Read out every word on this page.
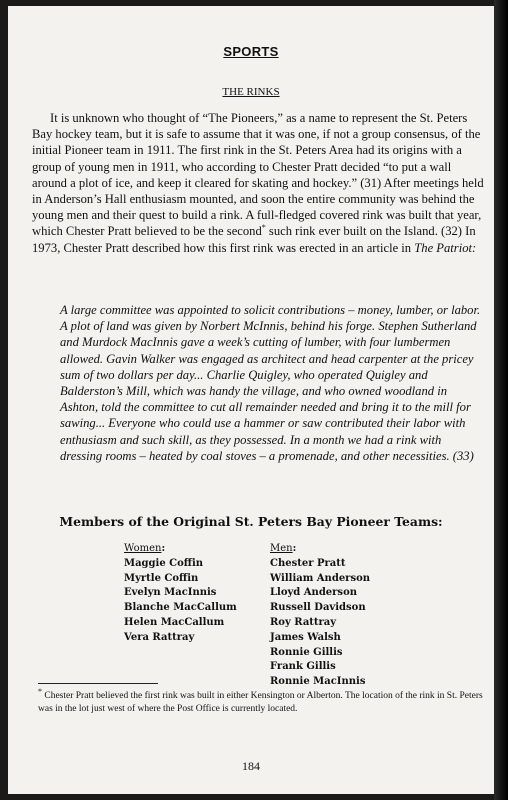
SPORTS
THE RINKS

It is unknown who thought of “The Pioneers,” as a name to represent the St. Peters Bay hockey team, but it is safe to assume that it was one, if not a group consensus, of the initial Pioneer team in 1911. The first rink in the St. Peters Area had its origins with a group of young men in 1911, who according to Chester Pratt decided “to put a wall around a plot of ice, and keep it cleared for skating and hockey.” (31) After meetings held in Anderson’s Hall enthusiasm mounted, and soon the entire community was behind the young men and their quest to build a rink. A full-fledged covered rink was built that year, which Chester Pratt believed to be the second* such rink ever built on the Island. (32) In 1973, Chester Pratt described how this first rink was erected in an article in The Patriot:

A large committee was appointed to solicit contributions – money, lumber, or labor. A plot of land was given by Norbert McInnis, behind his forge. Stephen Sutherland and Murdock MacInnis gave a week’s cutting of lumber, with four lumbermen allowed. Gavin Walker was engaged as architect and head carpenter at the pricey sum of two dollars per day... Charlie Quigley, who operated Quigley and Balderston’s Mill, which was handy the village, and who owned woodland in Ashton, told the committee to cut all remainder needed and bring it to the mill for sawing... Everyone who could use a hammer or saw contributed their labor with enthusiasm and such skill, as they possessed. In a month we had a rink with dressing rooms – heated by coal stoves – a promenade, and other necessities. (33)

Members of the Original St. Peters Bay Pioneer Teams:
Women:
Maggie Coffin
Myrtle Coffin
Evelyn MacInnis
Blanche MacCallum
Helen MacCallum
Vera Rattray
Men:
Chester Pratt
William Anderson
Lloyd Anderson
Russell Davidson
Roy Rattray
James Walsh
Ronnie Gillis
Frank Gillis
Ronnie MacInnis

* Chester Pratt believed the first rink was built in either Kensington or Alberton. The location of the rink in St. Peters was in the lot just west of where the Post Office is currently located.

184
